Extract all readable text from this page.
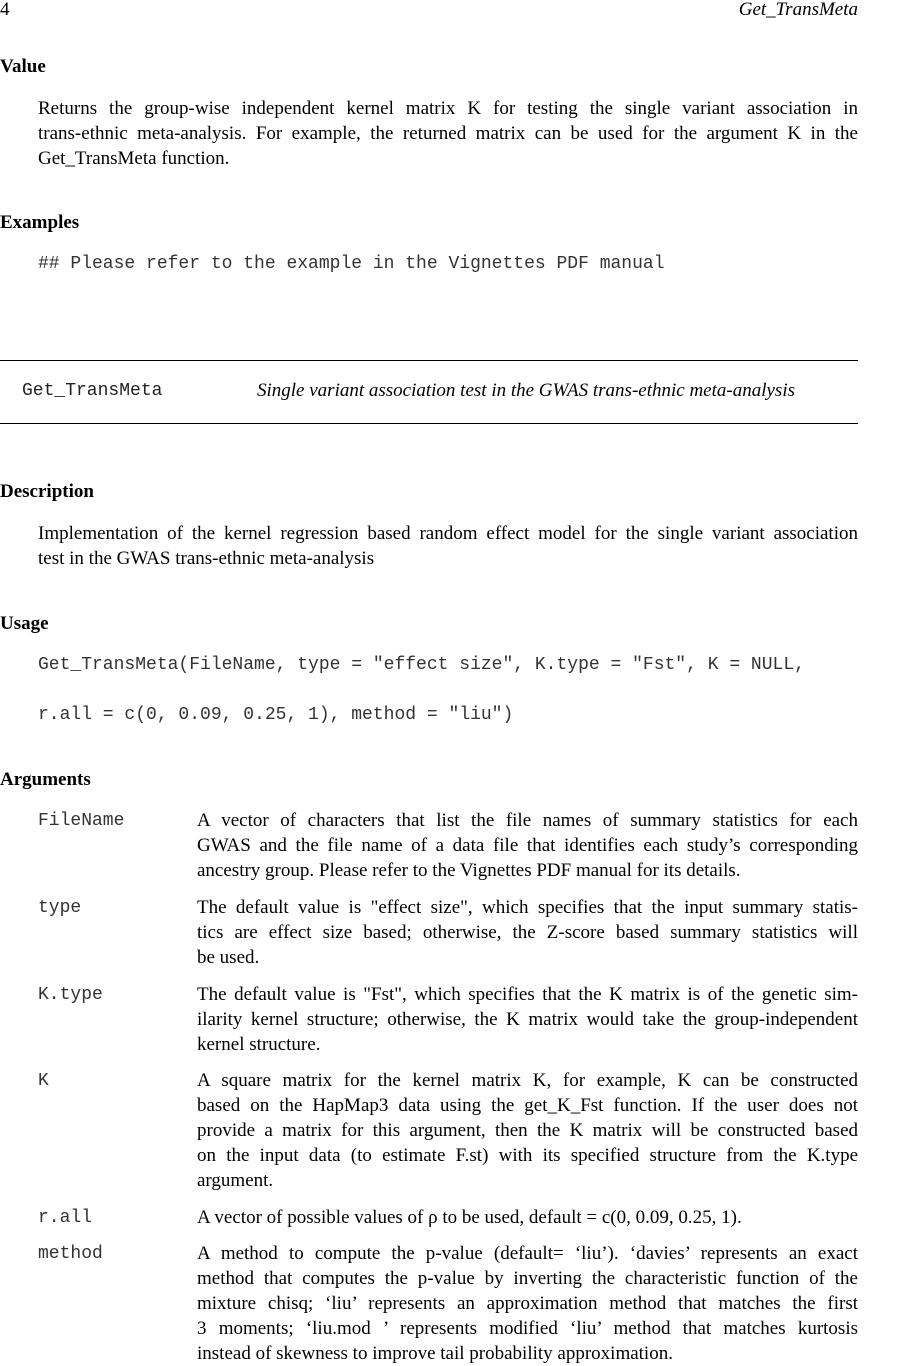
4	Get_TransMeta
Value
Returns the group-wise independent kernel matrix K for testing the single variant association in
trans-ethnic meta-analysis. For example, the returned matrix can be used for the argument K in the
Get_TransMeta function.
Examples
## Please refer to the example in the Vignettes PDF manual
Get_TransMeta	Single variant association test in the GWAS trans-ethnic meta-analysis
Description
Implementation of the kernel regression based random effect model for the single variant association
test in the GWAS trans-ethnic meta-analysis
Usage
Get_TransMeta(FileName, type = "effect size", K.type = "Fst", K = NULL,
r.all = c(0, 0.09, 0.25, 1), method = "liu")
Arguments
FileName	A vector of characters that list the file names of summary statistics for each
GWAS and the file name of a data file that identifies each study’s corresponding
ancestry group. Please refer to the Vignettes PDF manual for its details.
type	The default value is "effect size", which specifies that the input summary statis-
tics are effect size based; otherwise, the Z-score based summary statistics will
be used.
K.type	The default value is "Fst", which specifies that the K matrix is of the genetic sim-
ilarity kernel structure; otherwise, the K matrix would take the group-independent
kernel structure.
K	A square matrix for the kernel matrix K, for example, K can be constructed
based on the HapMap3 data using the get_K_Fst function. If the user does not
provide a matrix for this argument, then the K matrix will be constructed based
on the input data (to estimate F.st) with its specified structure from the K.type
argument.
r.all	A vector of possible values of ρ to be used, default = c(0, 0.09, 0.25, 1).
method	A method to compute the p-value (default= ‘liu’). ‘davies’ represents an exact
method that computes the p-value by inverting the characteristic function of the
mixture chisq; ‘liu’ represents an approximation method that matches the first
3 moments; ‘liu.mod ’ represents modified ‘liu’ method that matches kurtosis
instead of skewness to improve tail probability approximation.
